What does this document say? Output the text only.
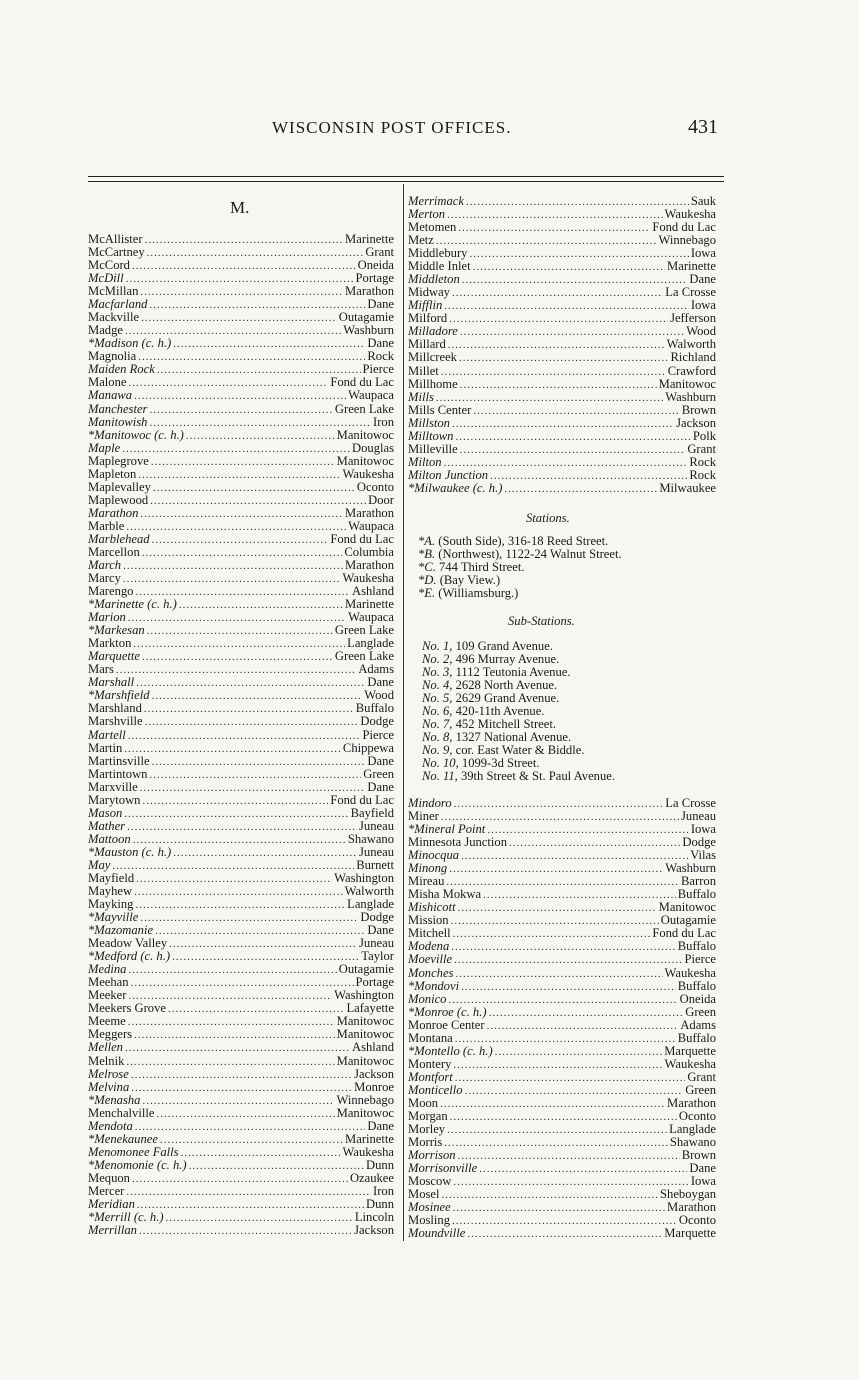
WISCONSIN POST OFFICES.	431
M.
McAllister .....	Marinette
McCartney .....	Grant
McCord .....	Oneida
McDill .....	Portage
McMillan .....	Marathon
Macfarland .....	Dane
Mackville .....	Outagamie
Madge .....	Washburn
*Madison (c. h.) .....	Dane
Magnolia .....	Rock
Maiden Rock .....	Pierce
Malone .....	Fond du Lac
Manawa .....	Waupaca
Manchester .....	Green Lake
Manitowish .....	Iron
*Manitowoc (c. h.) .....	Manitowoc
Maple .....	Douglas
Maplegrove .....	Manitowoc
Mapleton .....	Waukesha
Maplevalley .....	Oconto
Maplewood .....	Door
Marathon .....	Marathon
Marble .....	Waupaca
Marblehead .....	Fond du Lac
Marcellon .....	Columbia
March .....	Marathon
Marcy .....	Waukesha
Marengo .....	Ashland
*Marinette (c. h.) .....	Marinette
Marion .....	Waupaca
*Markesan .....	Green Lake
Markton .....	Langlade
Marquette .....	Green Lake
Mars .....	Adams
Marshall .....	Dane
*Marshfield .....	Wood
Marshland .....	Buffalo
Marshville .....	Dodge
Martell .....	Pierce
Martin .....	Chippewa
Martinsville .....	Dane
Martintown .....	Green
Marxville .....	Dane
Marytown .....	Fond du Lac
Mason .....	Bayfield
Mather .....	Juneau
Mattoon .....	Shawano
*Mauston (c. h.) .....	Juneau
May .....	Burnett
Mayfield .....	Washington
Mayhew .....	Walworth
Mayking .....	Langlade
*Mayville .....	Dodge
*Mazomanie .....	Dane
Meadow Valley .....	Juneau
*Medford (c. h.) .....	Taylor
Medina .....	Outagamie
Meehan .....	Portage
Meeker .....	Washington
Meekers Grove .....	Lafayette
Meeme .....	Manitowoc
Meggers .....	Manitowoc
Mellen .....	Ashland
Melnik .....	Manitowoc
Melrose .....	Jackson
Melvina .....	Monroe
*Menasha .....	Winnebago
Menchalville .....	Manitowoc
Mendota .....	Dane
*Menekaunee .....	Marinette
Menomonee Falls .....	Waukesha
*Menomonie (c. h.) .....	Dunn
Mequon .....	Ozaukee
Mercer .....	Iron
Meridian .....	Dunn
*Merrill (c. h.) .....	Lincoln
Merrillan .....	Jackson
Merrimack .....	Sauk
Merton .....	Waukesha
Metomen .....	Fond du Lac
Metz .....	Winnebago
Middlebury .....	Iowa
Middle Inlet .....	Marinette
Middleton .....	Dane
Midway .....	La Crosse
Mifflin .....	Iowa
Milford .....	Jefferson
Milladore .....	Wood
Millard .....	Walworth
Millcreek .....	Richland
Millet .....	Crawford
Millhome .....	Manitowoc
Mills .....	Washburn
Mills Center .....	Brown
Millston .....	Jackson
Milltown .....	Polk
Milleville .....	Grant
Milton .....	Rock
Milton Junction .....	Rock
*Milwaukee (c. h.) .....	Milwaukee
Stations.
*A. (South Side), 316-18 Reed Street.
*B. (Northwest), 1122-24 Walnut Street.
*C. 744 Third Street.
*D. (Bay View.)
*E. (Williamsburg.)
Sub-Stations.
No. 1, 109 Grand Avenue.
No. 2, 496 Murray Avenue.
No. 3, 1112 Teutonia Avenue.
No. 4, 2628 North Avenue.
No. 5, 2629 Grand Avenue.
No. 6, 420-11th Avenue.
No. 7, 452 Mitchell Street.
No. 8, 1327 National Avenue.
No. 9, cor. East Water & Biddle.
No. 10, 1099-3d Street.
No. 11, 39th Street & St. Paul Avenue.
Mindoro .....	La Crosse
Miner .....	Juneau
*Mineral Point .....	Iowa
Minnesota Junction .....	Dodge
Minocqua .....	Vilas
Minong .....	Washburn
Mireau .....	Barron
Misha Mokwa .....	Buffalo
Mishicott .....	Manitowoc
Mission .....	Outagamie
Mitchell .....	Fond du Lac
Modena .....	Buffalo
Moeville .....	Pierce
Monches .....	Waukesha
*Mondovi .....	Buffalo
Monico .....	Oneida
*Monroe (c. h.) .....	Green
Monroe Center .....	Adams
Montana .....	Buffalo
*Montello (c. h.) .....	Marquette
Montery .....	Waukesha
Montfort .....	Grant
Monticello .....	Green
Moon .....	Marathon
Morgan .....	Oconto
Morley .....	Langlade
Morris .....	Shawano
Morrison .....	Brown
Morrisonville .....	Dane
Moscow .....	Iowa
Mosel .....	Sheboygan
Mosinee .....	Marathon
Mosling .....	Oconto
Moundville .....	Marquette
